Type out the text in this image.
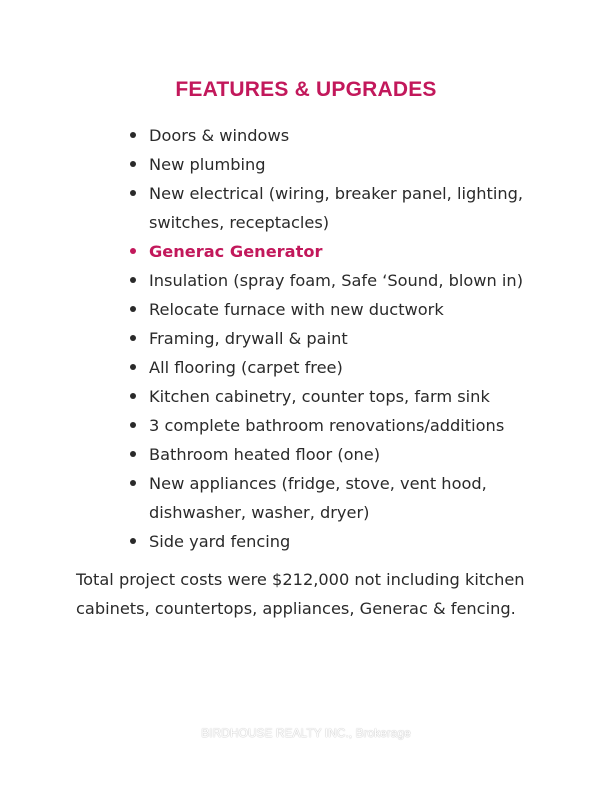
FEATURES & UPGRADES
Doors & windows
New plumbing
New electrical (wiring, breaker panel, lighting,
switches, receptacles)
Generac Generator
Insulation (spray foam, Safe ‘Sound, blown in)
Relocate furnace with new ductwork
Framing, drywall & paint
All flooring (carpet free)
Kitchen cabinetry, counter tops, farm sink
3 complete bathroom renovations/additions
Bathroom heated floor (one)
New appliances (fridge, stove, vent hood,
dishwasher, washer, dryer)
Side yard fencing

Total project costs were $212,000 not including kitchen
cabinets, countertops, appliances, Generac & fencing.

BIRDHOUSE REALTY INC., Brokerage
